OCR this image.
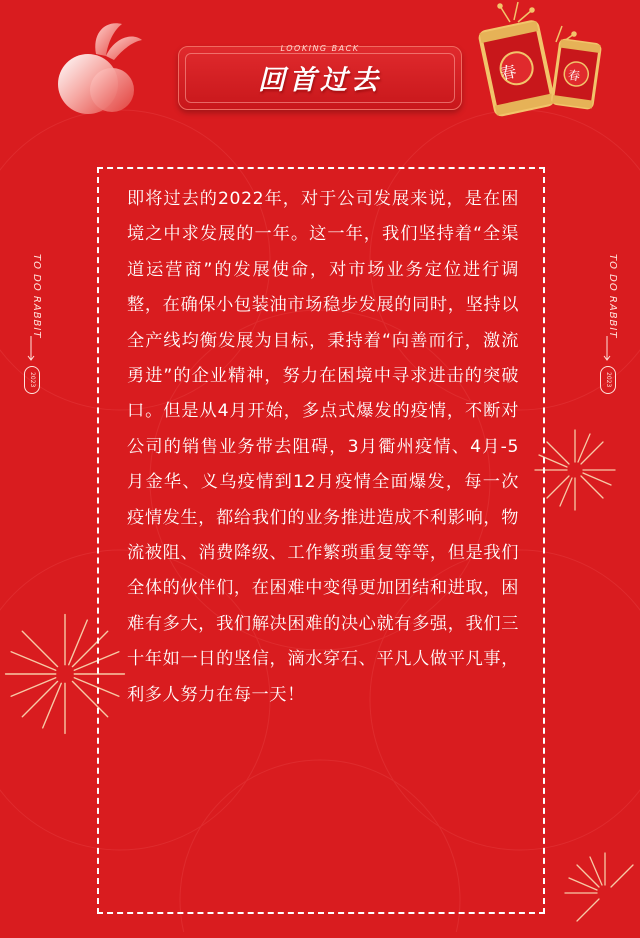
LOOKING BACK
回首过去	春	春
TO DO RABBIT
2023
TO DO RABBIT
2023
即将过去的2022年，对于公司发展来说，是在困境之中求发展的一年。这一年，我们坚持着“全渠道运营商”的发展使命，对市场业务定位进行调整，在确保小包装油市场稳步发展的同时，坚持以全产线均衡发展为目标，秉持着“向善而行，激流勇进”的企业精神，努力在困境中寻求进击的突破口。但是从4月开始，多点式爆发的疫情，不断对公司的销售业务带去阻碍，3月衢州疫情、4月-5月金华、义乌疫情到12月疫情全面爆发，每一次疫情发生，都给我们的业务推进造成不利影响，物流被阻、消费降级、工作繁琐重复等等，但是我们全体的伙伴们，在困难中变得更加团结和进取，困难有多大，我们解决困难的决心就有多强，我们三十年如一日的坚信，滴水穿石、平凡人做平凡事，利多人努力在每一天！
